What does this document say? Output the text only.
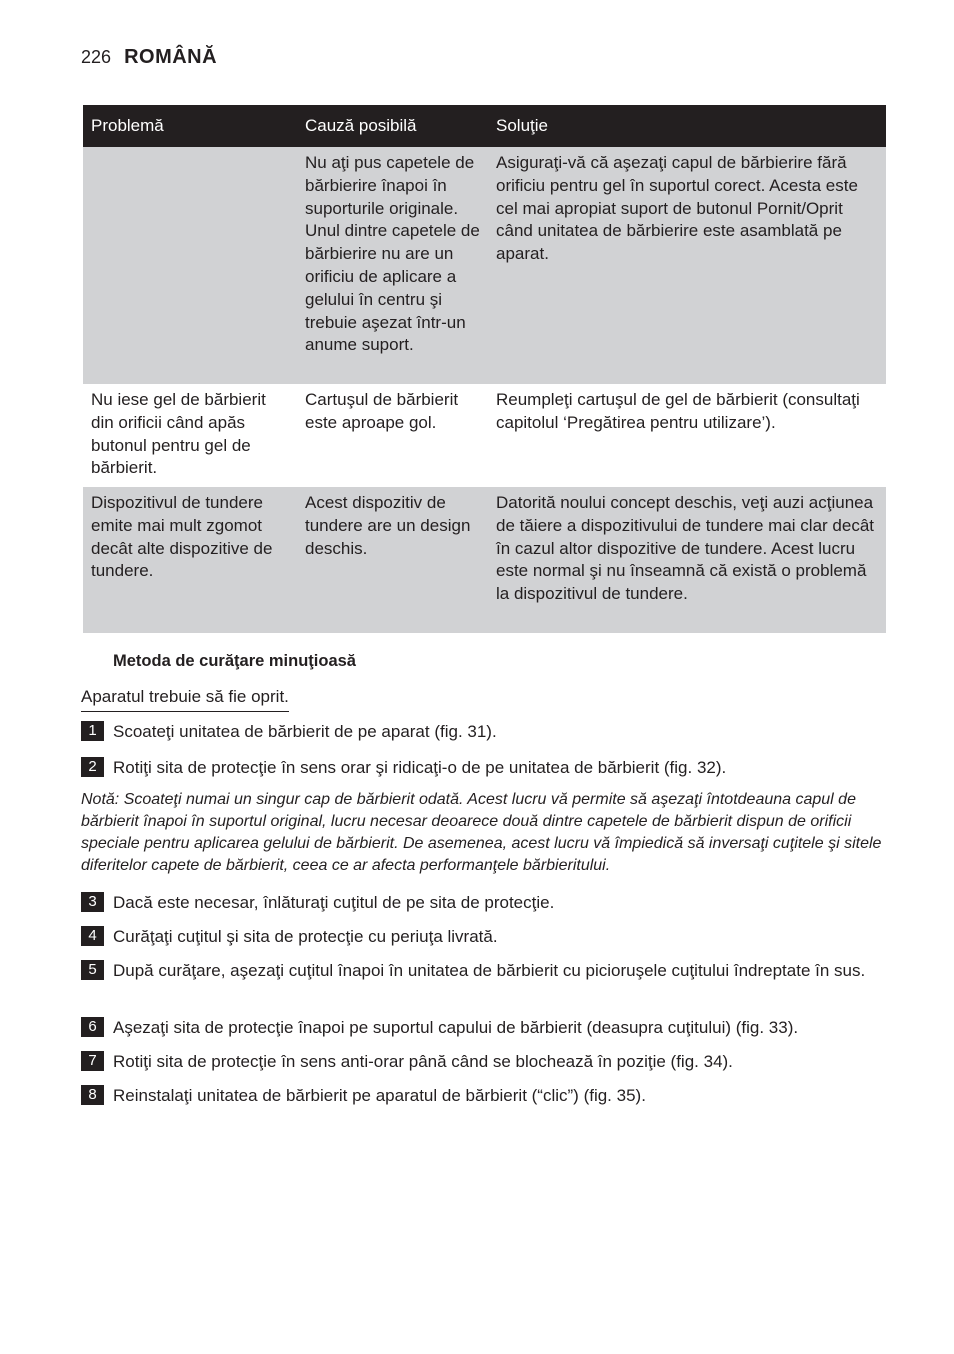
226 ROMÂNĂ
Problemă	Cauză posibilă	Soluţie
	Nu aţi pus capetele de bărbierire înapoi în suporturile originale. Unul dintre capetele de bărbierire nu are un orificiu de aplicare a gelului în centru şi trebuie aşezat într-un anume suport.	Asiguraţi-vă că aşezaţi capul de bărbierire fără orificiu pentru gel în suportul corect. Acesta este cel mai apropiat suport de butonul Pornit/Oprit când unitatea de bărbierire este asamblată pe aparat.
Nu iese gel de bărbierit din orificii când apăs butonul pentru gel de bărbierit.	Cartuşul de bărbierit este aproape gol.	Reumpleţi cartuşul de gel de bărbierit (consultaţi capitolul ‘Pregătirea pentru utilizare’).
Dispozitivul de tundere emite mai mult zgomot decât alte dispozitive de tundere.	Acest dispozitiv de tundere are un design deschis.	Datorită noului concept deschis, veţi auzi acţiunea de tăiere a dispozitivului de tundere mai clar decât în cazul altor dispozitive de tundere. Acest lucru este normal şi nu înseamnă că există o problemă la dispozitivul de tundere.
Metoda de curăţare minuţioasă
Aparatul trebuie să fie oprit.
1 Scoateţi unitatea de bărbierit de pe aparat (fig. 31).
2 Rotiţi sita de protecţie în sens orar şi ridicaţi-o de pe unitatea de bărbierit (fig. 32).
Notă: Scoateţi numai un singur cap de bărbierit odată. Acest lucru vă permite să aşezaţi întotdeauna capul de bărbierit înapoi în suportul original, lucru necesar deoarece două dintre capetele de bărbierit dispun de orificii speciale pentru aplicarea gelului de bărbierit. De asemenea, acest lucru vă împiedică să inversaţi cuţitele şi sitele diferitelor capete de bărbierit, ceea ce ar afecta performanţele bărbieritului.
3 Dacă este necesar, înlăturaţi cuţitul de pe sita de protecţie.
4 Curăţaţi cuţitul şi sita de protecţie cu periuţa livrată.
5 După curăţare, aşezaţi cuţitul înapoi în unitatea de bărbierit cu picioruşele cuţitului îndreptate în sus.
6 Aşezaţi sita de protecţie înapoi pe suportul capului de bărbierit (deasupra cuţitului) (fig. 33).
7 Rotiţi sita de protecţie în sens anti-orar până când se blochează în poziţie (fig. 34).
8 Reinstalaţi unitatea de bărbierit pe aparatul de bărbierit (“clic”) (fig. 35).
